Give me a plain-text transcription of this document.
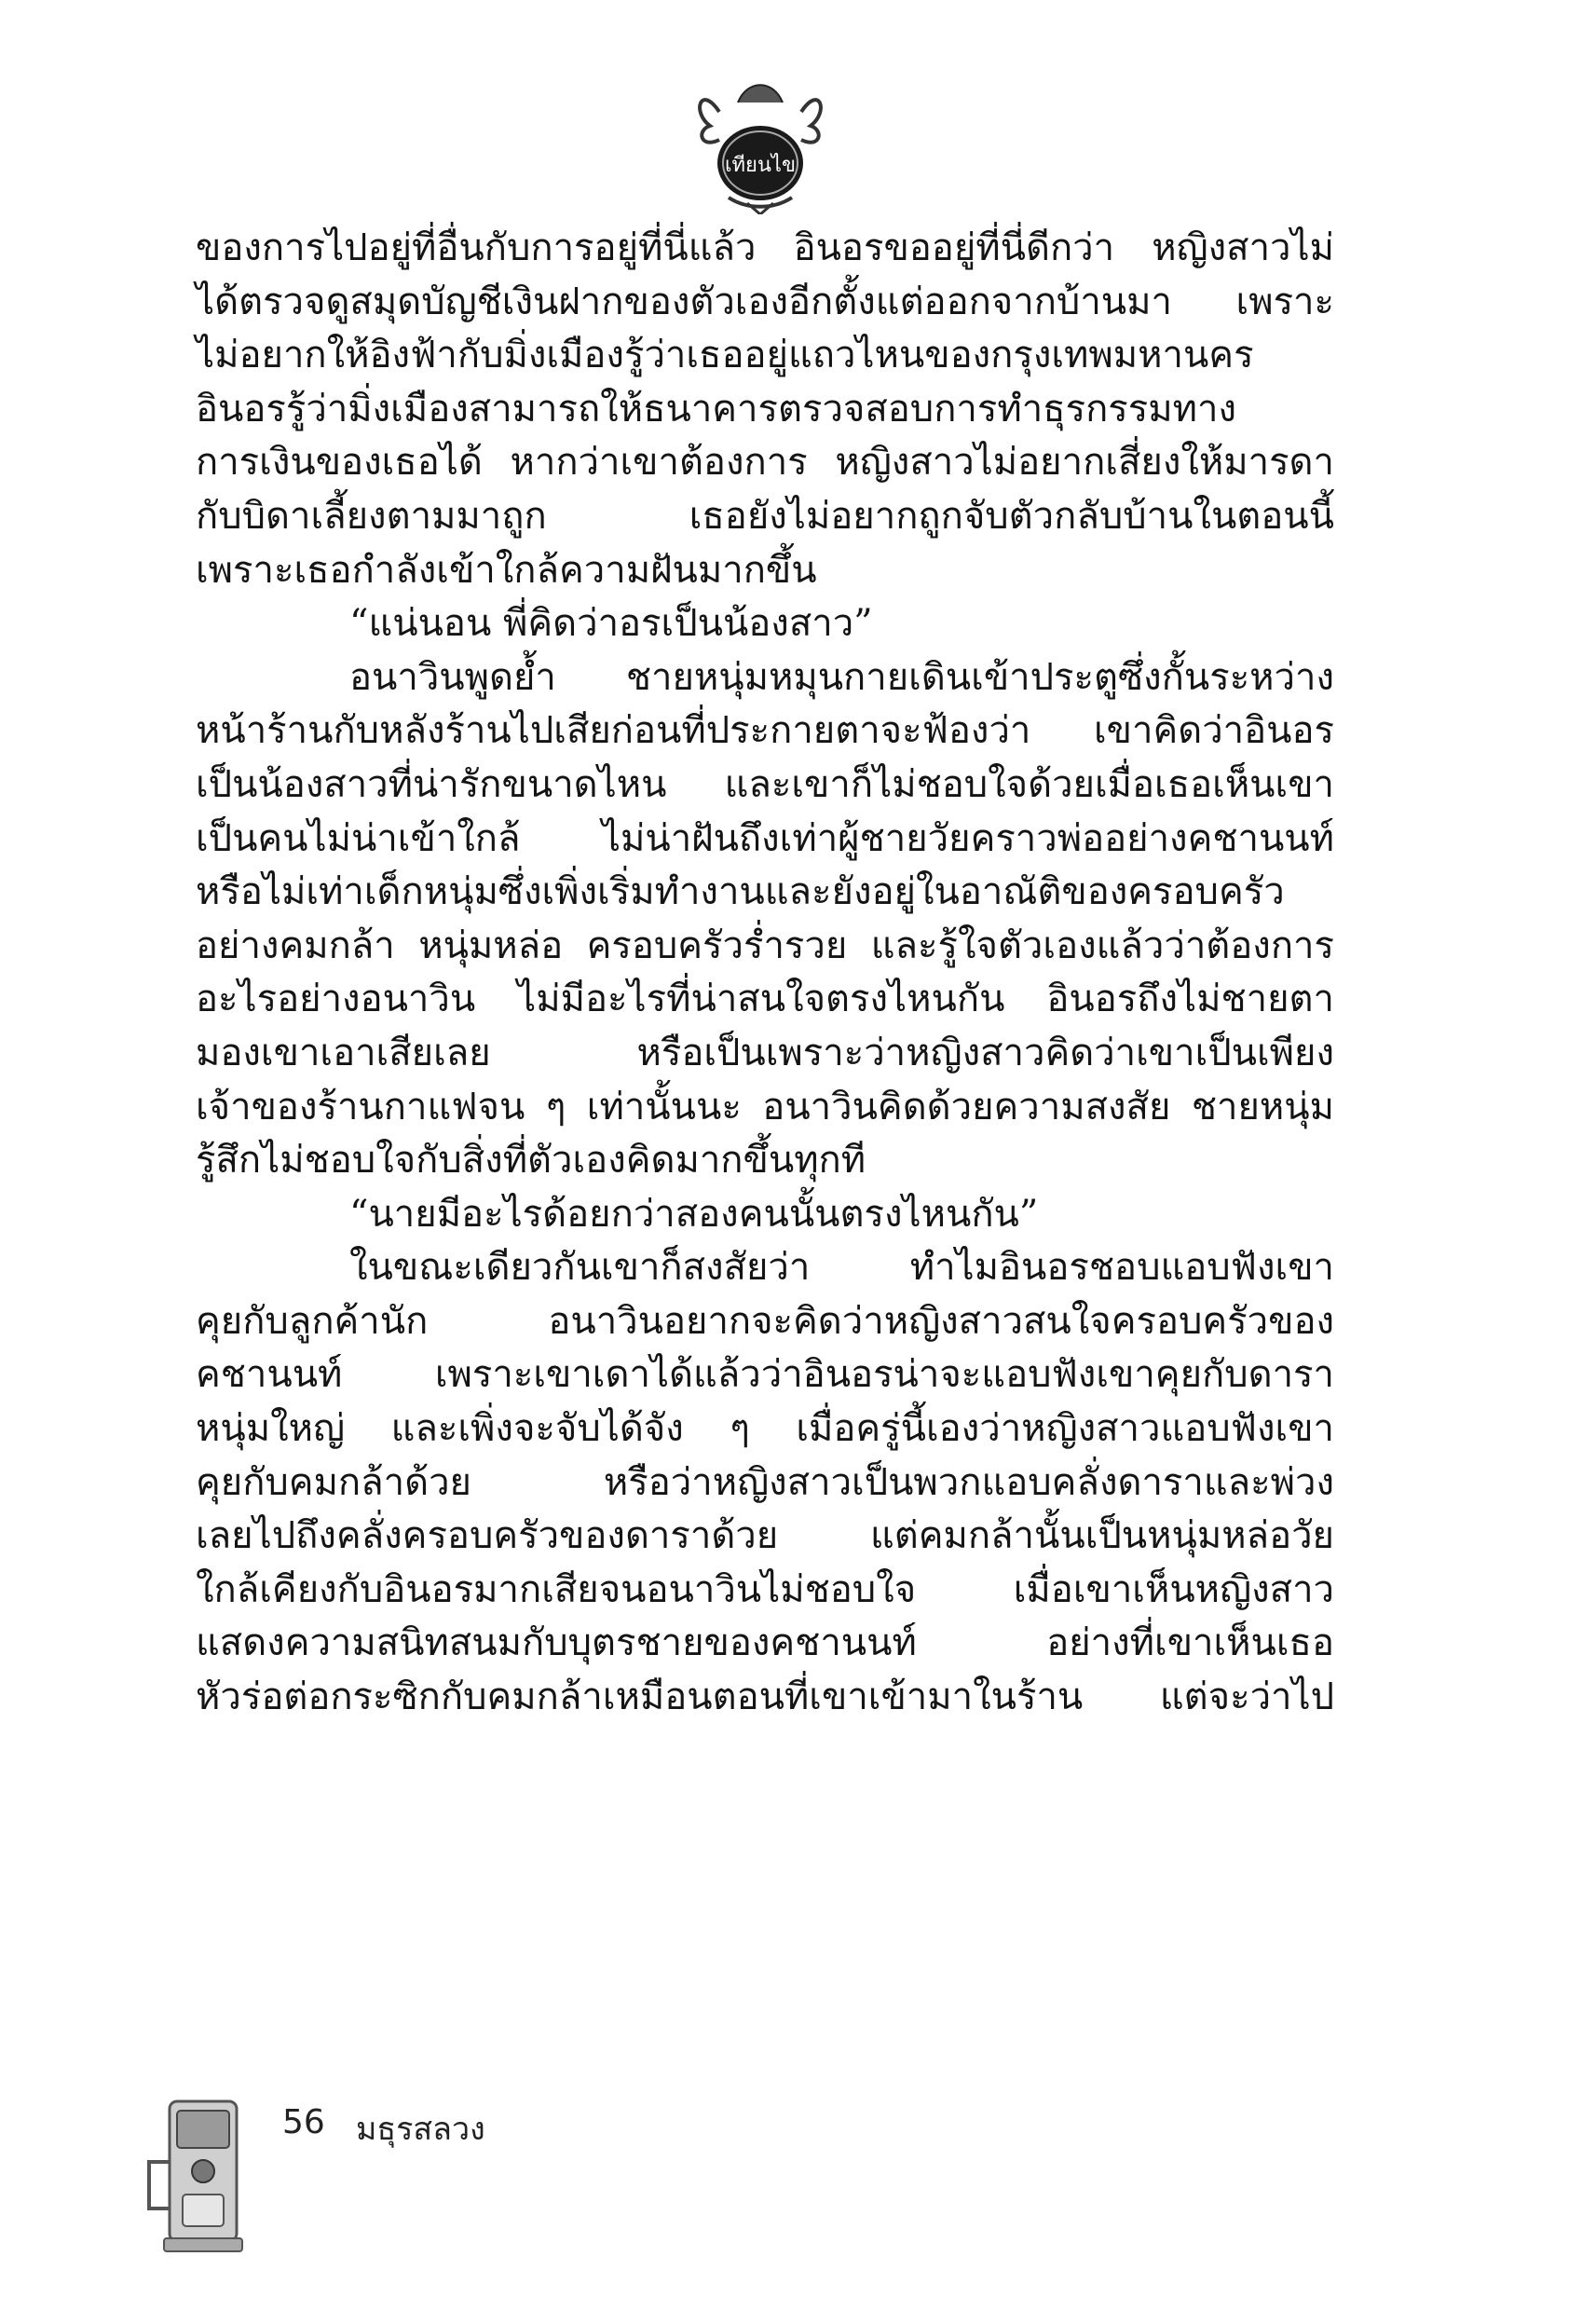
เทียนไข
ของการไปอยู่ที่อื่นกับการอยู่ที่นี่แล้ว อินอรขออยู่ที่นี่ดีกว่า หญิงสาวไม่
ได้ตรวจดูสมุดบัญชีเงินฝากของตัวเองอีกตั้งแต่ออกจากบ้านมา เพราะ
ไม่อยากให้อิงฟ้ากับมิ่งเมืองรู้ว่าเธออยู่แถวไหนของกรุงเทพมหานคร
อินอรรู้ว่ามิ่งเมืองสามารถให้ธนาคารตรวจสอบการทำธุรกรรมทาง
การเงินของเธอได้ หากว่าเขาต้องการ หญิงสาวไม่อยากเสี่ยงให้มารดา
กับบิดาเลี้ยงตามมาถูก เธอยังไม่อยากถูกจับตัวกลับบ้านในตอนนี้
เพราะเธอกำลังเข้าใกล้ความฝันมากขึ้น
“แน่นอน พี่คิดว่าอรเป็นน้องสาว”
อนาวินพูดย้ำ ชายหนุ่มหมุนกายเดินเข้าประตูซึ่งกั้นระหว่าง
หน้าร้านกับหลังร้านไปเสียก่อนที่ประกายตาจะฟ้องว่า เขาคิดว่าอินอร
เป็นน้องสาวที่น่ารักขนาดไหน และเขาก็ไม่ชอบใจด้วยเมื่อเธอเห็นเขา
เป็นคนไม่น่าเข้าใกล้ ไม่น่าฝันถึงเท่าผู้ชายวัยคราวพ่ออย่างคชานนท์
หรือไม่เท่าเด็กหนุ่มซึ่งเพิ่งเริ่มทำงานและยังอยู่ในอาณัติของครอบครัว
อย่างคมกล้า หนุ่มหล่อ ครอบครัวร่ำรวย และรู้ใจตัวเองแล้วว่าต้องการ
อะไรอย่างอนาวิน ไม่มีอะไรที่น่าสนใจตรงไหนกัน อินอรถึงไม่ชายตา
มองเขาเอาเสียเลย หรือเป็นเพราะว่าหญิงสาวคิดว่าเขาเป็นเพียง
เจ้าของร้านกาแฟจน ๆ เท่านั้นนะ อนาวินคิดด้วยความสงสัย ชายหนุ่ม
รู้สึกไม่ชอบใจกับสิ่งที่ตัวเองคิดมากขึ้นทุกที
“นายมีอะไรด้อยกว่าสองคนนั้นตรงไหนกัน”
ในขณะเดียวกันเขาก็สงสัยว่า ทำไมอินอรชอบแอบฟังเขา
คุยกับลูกค้านัก อนาวินอยากจะคิดว่าหญิงสาวสนใจครอบครัวของ
คชานนท์ เพราะเขาเดาได้แล้วว่าอินอรน่าจะแอบฟังเขาคุยกับดารา
หนุ่มใหญ่ และเพิ่งจะจับได้จัง ๆ เมื่อครู่นี้เองว่าหญิงสาวแอบฟังเขา
คุยกับคมกล้าด้วย หรือว่าหญิงสาวเป็นพวกแอบคลั่งดาราและพ่วง
เลยไปถึงคลั่งครอบครัวของดาราด้วย แต่คมกล้านั้นเป็นหนุ่มหล่อวัย
ใกล้เคียงกับอินอรมากเสียจนอนาวินไม่ชอบใจ เมื่อเขาเห็นหญิงสาว
แสดงความสนิทสนมกับบุตรชายของคชานนท์ อย่างที่เขาเห็นเธอ
หัวร่อต่อกระซิกกับคมกล้าเหมือนตอนที่เขาเข้ามาในร้าน แต่จะว่าไป
56 มธุรสลวง
